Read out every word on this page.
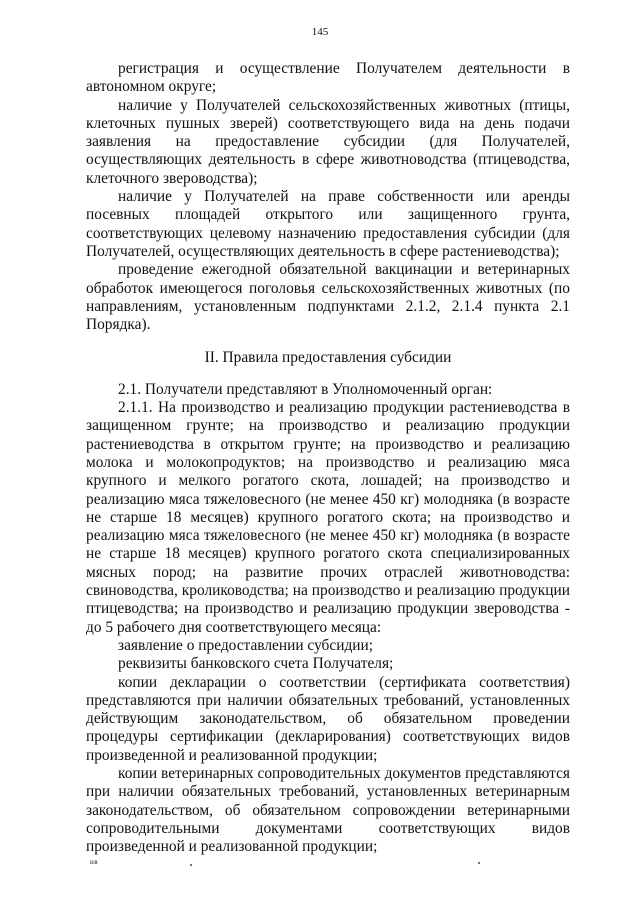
145

регистрация и осуществление Получателем деятельности в автономном округе;

наличие у Получателей сельскохозяйственных животных (птицы, клеточных пушных зверей) соответствующего вида на день подачи заявления на предоставление субсидии (для Получателей, осуществляющих деятельность в сфере животноводства (птицеводства, клеточного звероводства);

наличие у Получателей на праве собственности или аренды посевных площадей открытого или защищенного грунта, соответствующих целевому назначению предоставления субсидии (для Получателей, осуществляющих деятельность в сфере растениеводства);

проведение ежегодной обязательной вакцинации и ветеринарных обработок имеющегося поголовья сельскохозяйственных животных (по направлениям, установленным подпунктами 2.1.2, 2.1.4 пункта 2.1 Порядка).

II. Правила предоставления субсидии

2.1. Получатели представляют в Уполномоченный орган:

2.1.1. На производство и реализацию продукции растениеводства в защищенном грунте; на производство и реализацию продукции растениеводства в открытом грунте; на производство и реализацию молока и молокопродуктов; на производство и реализацию мяса крупного и мелкого рогатого скота, лошадей; на производство и реализацию мяса тяжеловесного (не менее 450 кг) молодняка (в возрасте не старше 18 месяцев) крупного рогатого скота; на производство и реализацию мяса тяжеловесного (не менее 450 кг) молодняка (в возрасте не старше 18 месяцев) крупного рогатого скота специализированных мясных пород; на развитие прочих отраслей животноводства: свиноводства, кролиководства; на производство и реализацию продукции птицеводства; на производство и реализацию продукции звероводства - до 5 рабочего дня соответствующего месяца:

заявление о предоставлении субсидии;

реквизиты банковского счета Получателя;

копии декларации о соответствии (сертификата соответствия) представляются при наличии обязательных требований, установленных действующим законодательством, об обязательном проведении процедуры сертификации (декларирования) соответствующих видов произведенной и реализованной продукции;

копии ветеринарных сопроводительных документов представляются при наличии обязательных требований, установленных ветеринарным законодательством, об обязательном сопровождении ветеринарными сопроводительными документами соответствующих видов произведенной и реализованной продукции;

нв
